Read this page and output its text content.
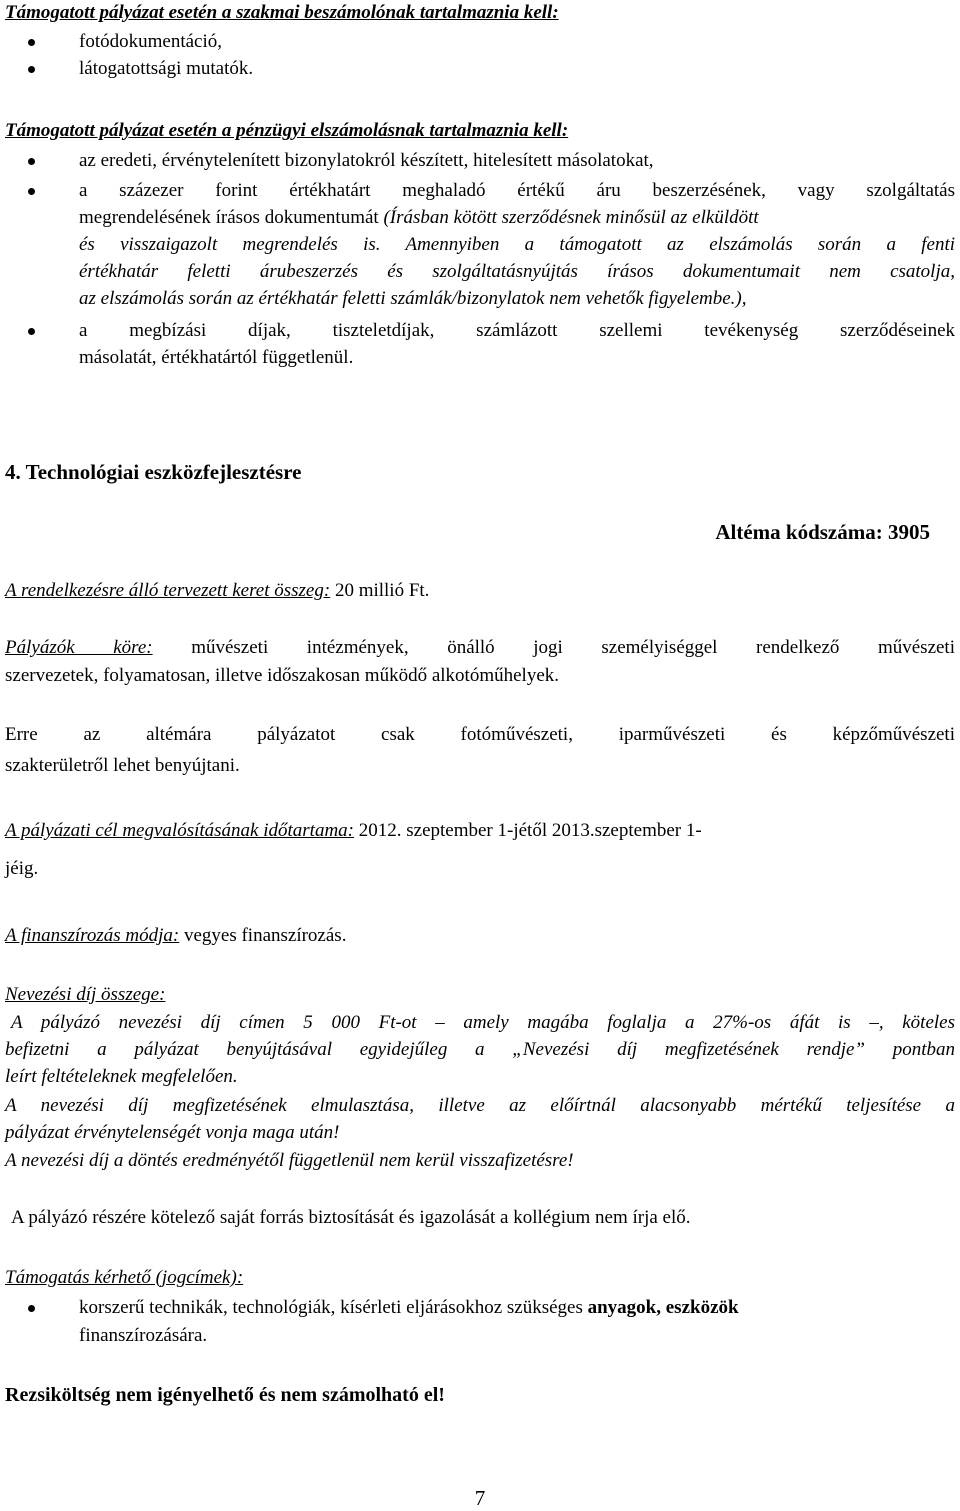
Támogatott pályázat esetén a szakmai beszámolónak tartalmaznia kell:
fotódokumentáció,
látogatottsági mutatók.
Támogatott pályázat esetén a pénzügyi elszámolásnak tartalmaznia kell:
az eredeti, érvénytelenített bizonylatokról készített, hitelesített másolatokat,
a százezer forint értékhatárt meghaladó értékű áru beszerzésének, vagy szolgáltatás
megrendelésének írásos dokumentumát (Írásban kötött szerződésnek minősül az elküldött
és visszaigazolt megrendelés is. Amennyiben a támogatott az elszámolás során a fenti
értékhatár feletti árubeszerzés és szolgáltatásnyújtás írásos dokumentumait nem csatolja,
az elszámolás során az értékhatár feletti számlák/bizonylatok nem vehetők figyelembe.),
a megbízási díjak, tiszteletdíjak, számlázott szellemi tevékenység szerződéseinek
másolatát, értékhatártól függetlenül.
4. Technológiai eszközfejlesztésre
Altéma kódszáma: 3905
A rendelkezésre álló tervezett keret összeg: 20 millió Ft.
Pályázók köre: művészeti intézmények, önálló jogi személyiséggel rendelkező művészeti
szervezetek, folyamatosan, illetve időszakosan működő alkotóműhelyek.
Erre az altémára pályázatot csak fotóművészeti, iparművészeti és képzőművészeti
szakterületről lehet benyújtani.
A pályázati cél megvalósításának időtartama: 2012. szeptember 1-jétől 2013.szeptember 1-
jéig.
A finanszírozás módja: vegyes finanszírozás.
Nevezési díj összege:
A pályázó nevezési díj címen 5 000 Ft-ot – amely magába foglalja a 27%-os áfát is –, köteles
befizetni a pályázat benyújtásával egyidejűleg a „Nevezési díj megfizetésének rendje” pontban
leírt feltételeknek megfelelően.
A nevezési díj megfizetésének elmulasztása, illetve az előírtnál alacsonyabb mértékű teljesítése a
pályázat érvénytelenségét vonja maga után!
A nevezési díj a döntés eredményétől függetlenül nem kerül visszafizetésre!
A pályázó részére kötelező saját forrás biztosítását és igazolását a kollégium nem írja elő.
Támogatás kérhető (jogcímek):
korszerű technikák, technológiák, kísérleti eljárásokhoz szükséges anyagok, eszközök
finanszírozására.
Rezsiköltség nem igényelhető és nem számolható el!
7
